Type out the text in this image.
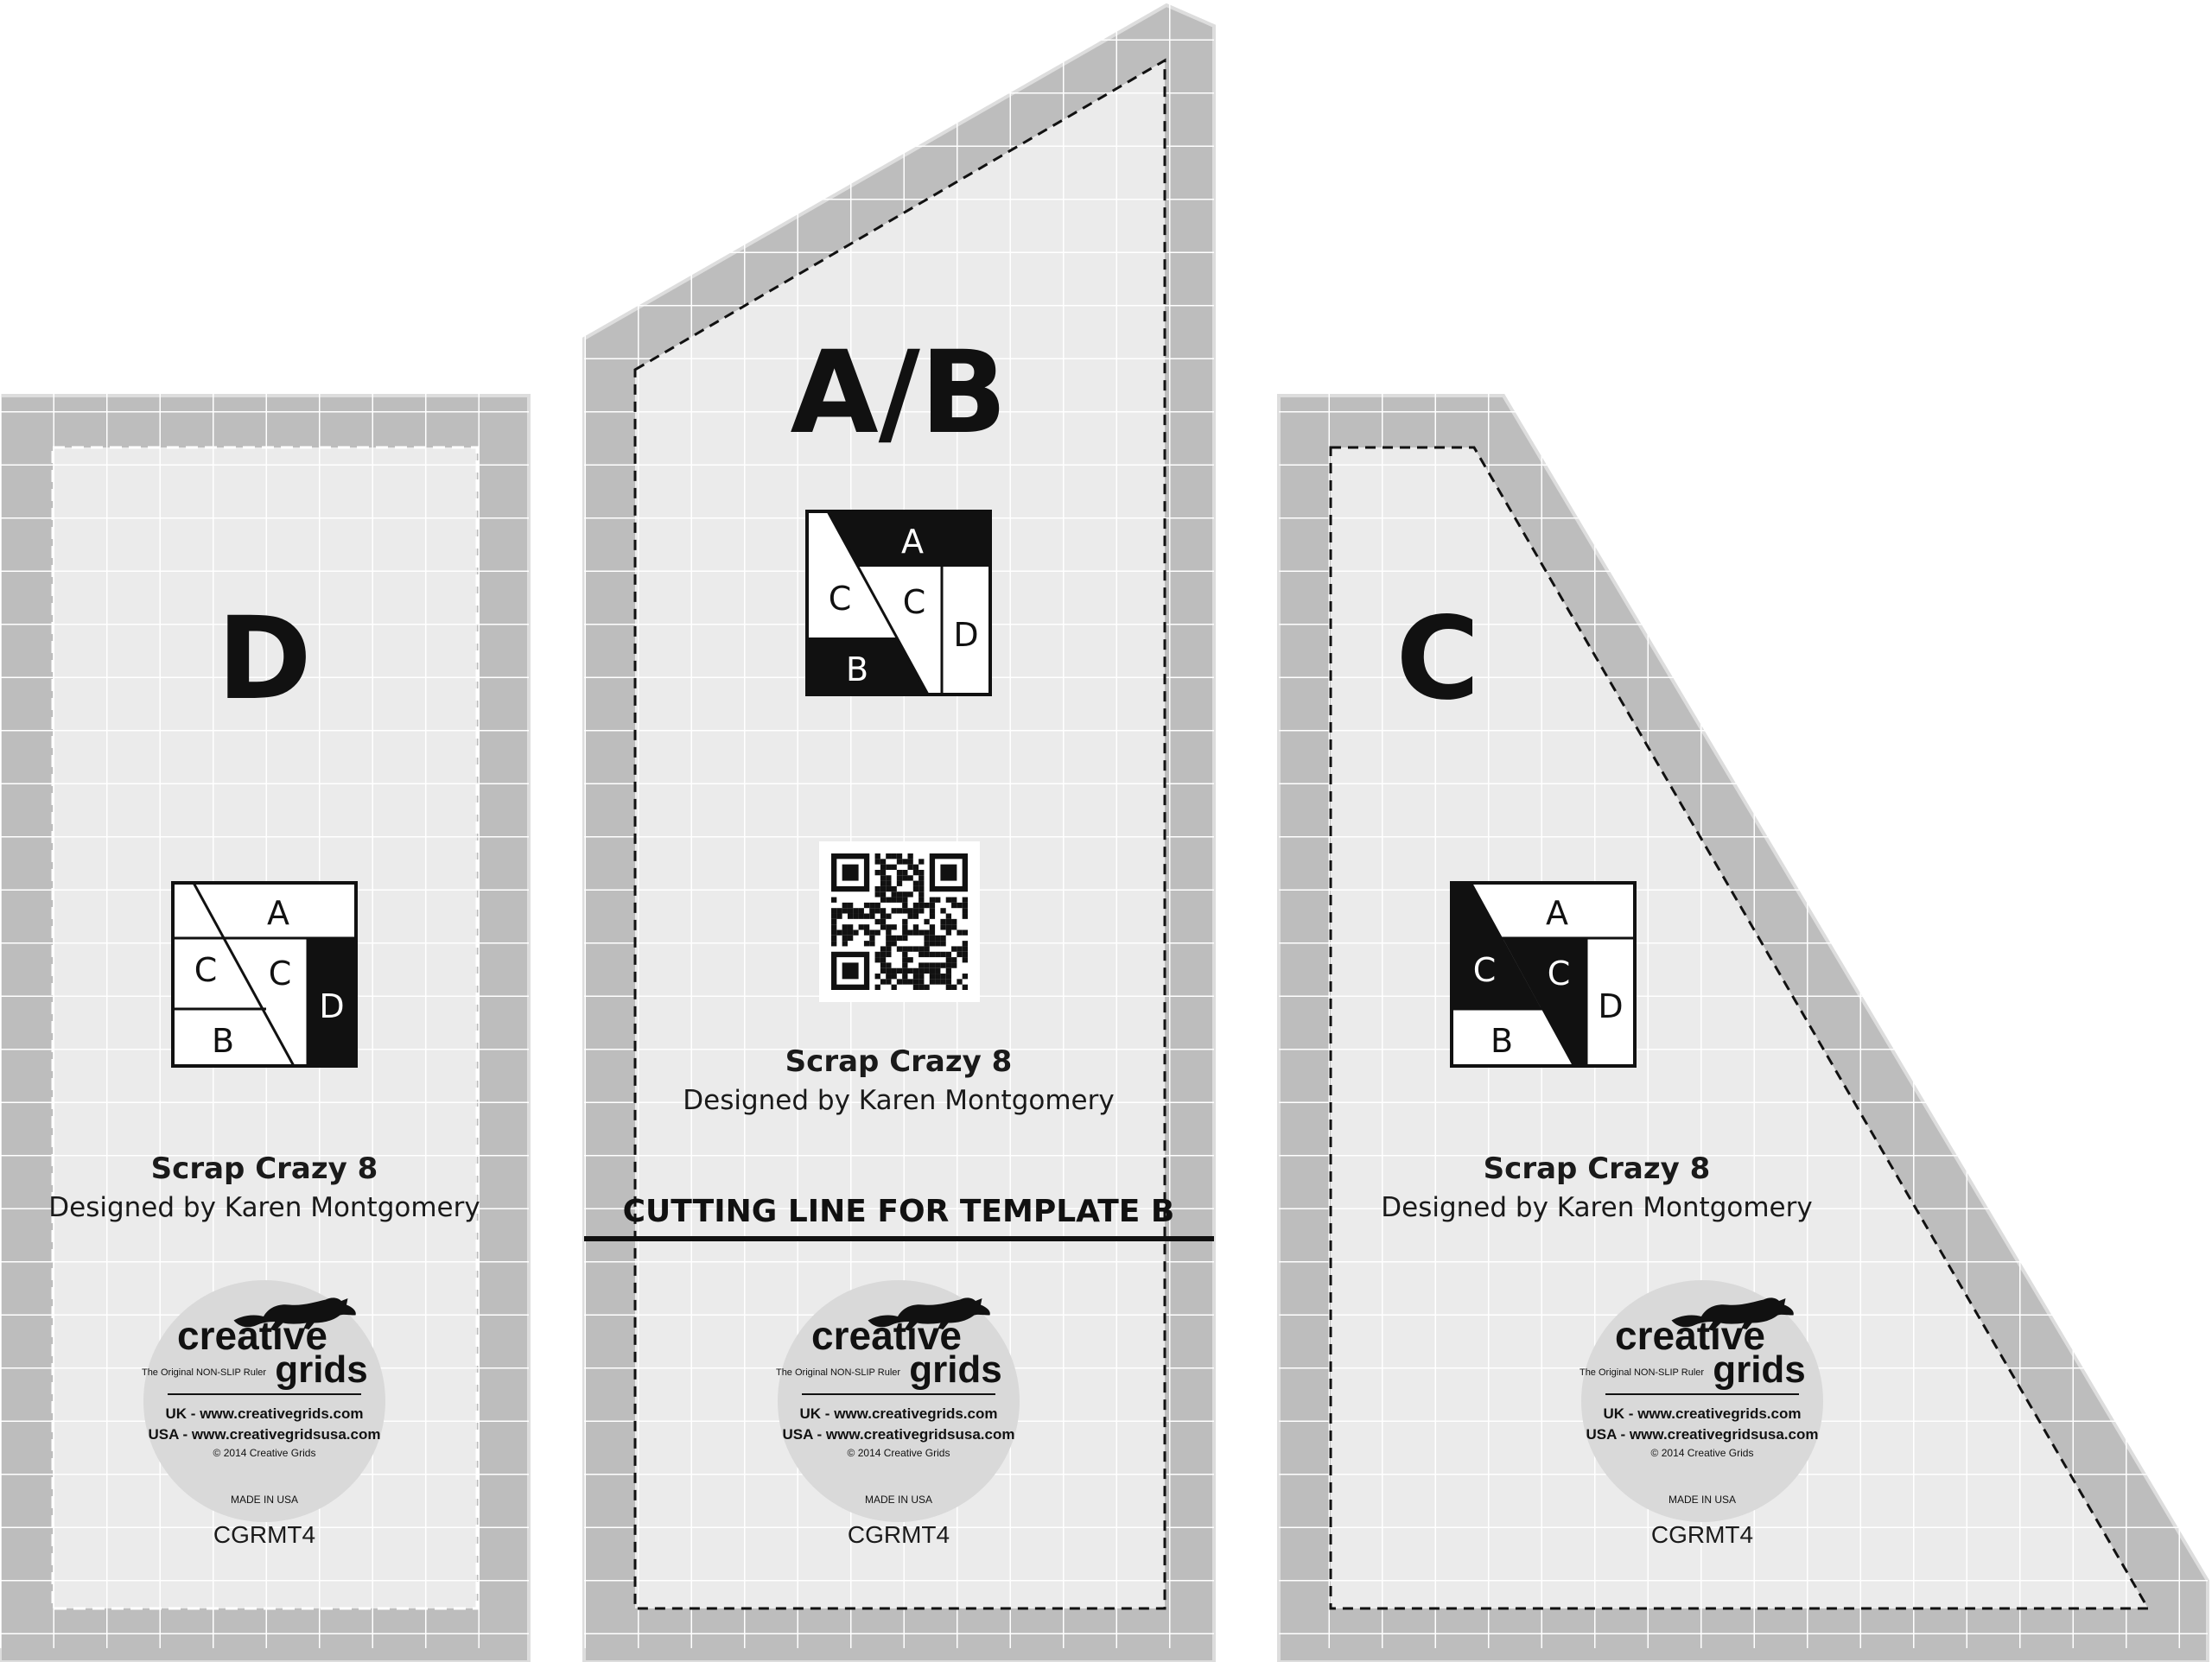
D
A
C C
B
D
Scrap Crazy 8
Designed by Karen Montgomery
creative
The Original NON-SLIP Ruler grids
UK - www.creativegrids.com
USA - www.creativegridsusa.com
© 2014 Creative Grids
MADE IN USA
CGRMT4
A/B
A
C C
B
D
Scrap Crazy 8
Designed by Karen Montgomery
CUTTING LINE FOR TEMPLATE B
creative
The Original NON-SLIP Ruler grids
UK - www.creativegrids.com
USA - www.creativegridsusa.com
© 2014 Creative Grids
MADE IN USA
CGRMT4
C
A
C C
B
D
Scrap Crazy 8
Designed by Karen Montgomery
creative
The Original NON-SLIP Ruler grids
UK - www.creativegrids.com
USA - www.creativegridsusa.com
© 2014 Creative Grids
MADE IN USA
CGRMT4
